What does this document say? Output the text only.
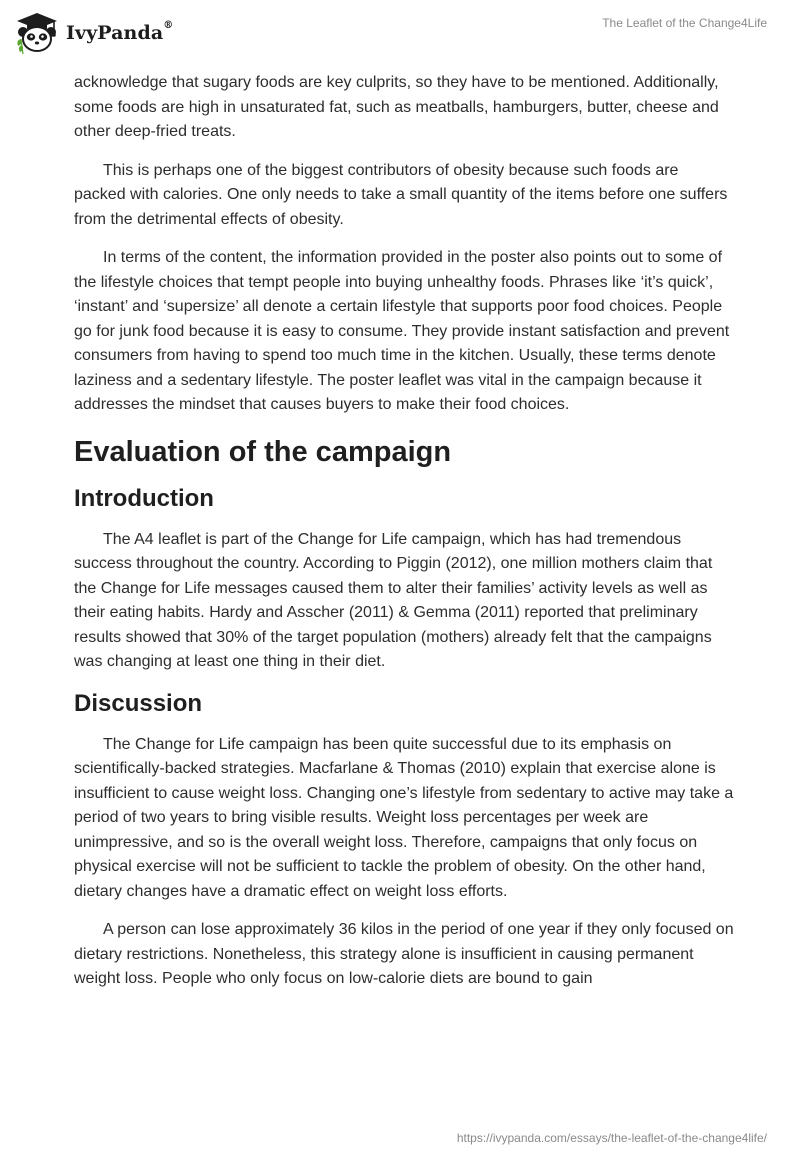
IvyPanda®	The Leaflet of the Change4Life

acknowledge that sugary foods are key culprits, so they have to be mentioned. Additionally, some foods are high in unsaturated fat, such as meatballs, hamburgers, butter, cheese and other deep-fried treats.

This is perhaps one of the biggest contributors of obesity because such foods are packed with calories. One only needs to take a small quantity of the items before one suffers from the detrimental effects of obesity.

In terms of the content, the information provided in the poster also points out to some of the lifestyle choices that tempt people into buying unhealthy foods. Phrases like ‘it’s quick’, ‘instant’ and ‘supersize’ all denote a certain lifestyle that supports poor food choices. People go for junk food because it is easy to consume. They provide instant satisfaction and prevent consumers from having to spend too much time in the kitchen. Usually, these terms denote laziness and a sedentary lifestyle. The poster leaflet was vital in the campaign because it addresses the mindset that causes buyers to make their food choices.

Evaluation of the campaign
Introduction

The A4 leaflet is part of the Change for Life campaign, which has had tremendous success throughout the country. According to Piggin (2012), one million mothers claim that the Change for Life messages caused them to alter their families’ activity levels as well as their eating habits. Hardy and Asscher (2011) & Gemma (2011) reported that preliminary results showed that 30% of the target population (mothers) already felt that the campaigns was changing at least one thing in their diet.

Discussion

The Change for Life campaign has been quite successful due to its emphasis on scientifically-backed strategies. Macfarlane & Thomas (2010) explain that exercise alone is insufficient to cause weight loss. Changing one’s lifestyle from sedentary to active may take a period of two years to bring visible results. Weight loss percentages per week are unimpressive, and so is the overall weight loss. Therefore, campaigns that only focus on physical exercise will not be sufficient to tackle the problem of obesity. On the other hand, dietary changes have a dramatic effect on weight loss efforts.

A person can lose approximately 36 kilos in the period of one year if they only focused on dietary restrictions. Nonetheless, this strategy alone is insufficient in causing permanent weight loss. People who only focus on low-calorie diets are bound to gain

https://ivypanda.com/essays/the-leaflet-of-the-change4life/
